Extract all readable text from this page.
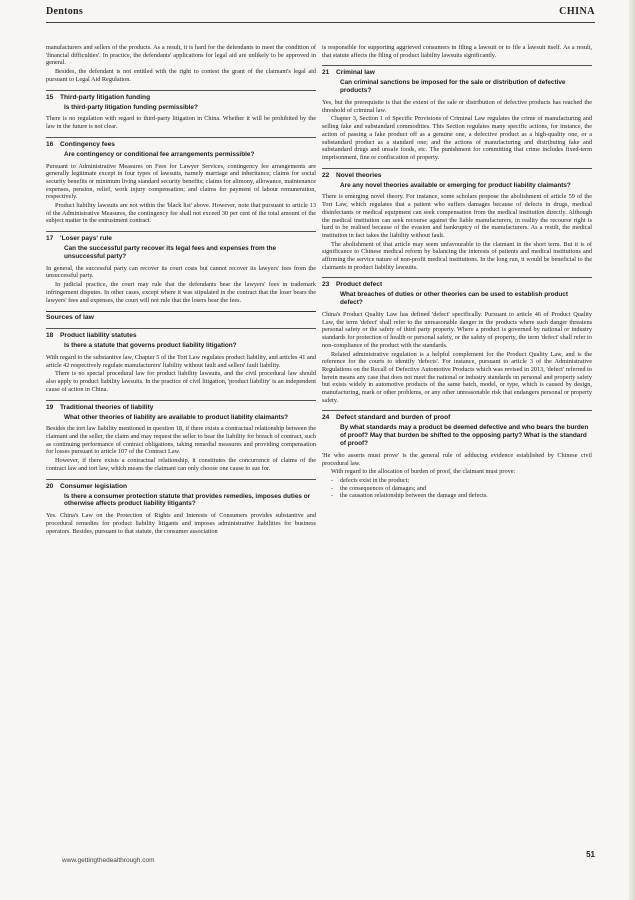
Dentons	CHINA

manufacturers and sellers of the products. As a result, it is hard for the defendants to meet the condition of 'financial difficulties'. In practice, the defendants' applications for legal aid are unlikely to be approved in general.

Besides, the defendant is not entitled with the right to contest the grant of the claimant's legal aid pursuant to Legal Aid Regulation.

15 Third-party litigation funding
Is third-party litigation funding permissible?

There is no regulation with regard to third-party litigation in China. Whether it will be prohibited by the law in the future is not clear.

16 Contingency fees
Are contingency or conditional fee arrangements permissible?

Pursuant to Administrative Measures on Fees for Lawyer Services, contingency fee arrangements are generally legitimate except in four types of lawsuits, namely marriage and inheritance; claims for social security benefits or minimum living standard security benefits; claims for alimony, allowance, maintenance expenses, pension, relief, work injury compensation; and claims for payment of labour remuneration, respectively.

Product liability lawsuits are not within the 'black list' above. However, note that pursuant to article 13 of the Administrative Measures, the contingency fee shall not exceed 30 per cent of the total amount of the subject matter in the entrustment contract.

17 'Loser pays' rule
Can the successful party recover its legal fees and expenses from the unsuccessful party?

In general, the successful party can recover its court costs but cannot recover its lawyers' fees from the unsuccessful party.

In judicial practice, the court may rule that the defendants bear the lawyers' fees in trademark infringement disputes. In other cases, except where it was stipulated in the contract that the loser bears the lawyers' fees and expenses, the court will not rule that the losers bear the fees.

Sources of law
18 Product liability statutes
Is there a statute that governs product liability litigation?

With regard to the substantive law, Chapter 5 of the Tort Law regulates product liability, and articles 41 and article 42 respectively regulate manufacturers' liability without fault and sellers' fault liability.

There is no special procedural law for product liability lawsuits, and the civil procedural law should also apply to product liability lawsuits. In the practice of civil litigation, 'product liability' is an independent cause of action in China.

19 Traditional theories of liability
What other theories of liability are available to product liability claimants?

Besides the tort law liability mentioned in question 18, if there exists a contractual relationship between the claimant and the seller, the claim and may request the seller to bear the liability for breach of contract, such as continuing performance of contract obligations, taking remedial measures and providing compensation for losses pursuant to article 107 of the Contract Law.

However, if there exists a contractual relationship, it constitutes the concurrence of claims of the contract law and tort law, which means the claimant can only choose one cause to sue for.

20 Consumer legislation
Is there a consumer protection statute that provides remedies, imposes duties or otherwise affects product liability litigants?

Yes. China's Law on the Protection of Rights and Interests of Consumers provides substantive and procedural remedies for product liability litigants and imposes administrative liabilities for business operators. Besides, pursuant to that statute, the consumer association

is responsible for supporting aggrieved consumers in filing a lawsuit or to file a lawsuit itself. As a result, that statute affects the filing of product liability lawsuits significantly.

21 Criminal law
Can criminal sanctions be imposed for the sale or distribution of defective products?

Yes, but the prerequisite is that the extent of the sale or distribution of defective products has reached the threshold of criminal law.

Chapter 3, Section 1 of Specific Provisions of Criminal Law regulates the crime of manufacturing and selling fake and substandard commodities. This Section regulates many specific actions, for instance, the action of passing a fake product off as a genuine one, a defective product as a high-quality one, or a substandard product as a standard one; and the actions of manufacturing and distributing fake and substandard drugs and unsafe foods, etc. The punishment for committing that crime includes fixed-term imprisonment, fine or confiscation of property.

22 Novel theories
Are any novel theories available or emerging for product liability claimants?

There is emerging novel theory. For instance, some scholars propose the abolishment of article 59 of the Tort Law, which regulates that a patient who suffers damages because of defects in drugs, medical disinfectants or medical equipment can seek compensation from the medical institution directly. Although the medical institution can seek recourse against the liable manufacturers, in reality the recourse right is hard to be realised because of the evasion and bankruptcy of the manufacturers. As a result, the medical institution in fact takes the liability without fault.

The abolishment of that article may seem unfavourable to the claimant in the short term. But it is of significance to Chinese medical reform by balancing the interests of patients and medical institutions and affirming the service nature of non-profit medical institutions. In the long run, it would be beneficial to the claimants in product liability lawsuits.

23 Product defect
What breaches of duties or other theories can be used to establish product defect?

China's Product Quality Law has defined 'defect' specifically. Pursuant to article 46 of Product Quality Law, the term 'defect' shall refer to the unreasonable danger in the products where such danger threatens personal safety or the safety of third party property. Where a product is governed by national or industry standards for protection of health or personal safety, or the safety of property, the term 'defect' shall refer to non-compliance of the product with the standards.

Related administrative regulation is a helpful complement for the Product Quality Law, and is the reference for the courts to identify 'defects'. For instance, pursuant to article 3 of the Administrative Regulations on the Recall of Defective Automotive Products which was revised in 2013, 'defect' referred to herein means any case that does not meet the national or industry standards on personal and property safety but exists widely in automotive products of the same batch, model, or type, which is caused by design, manufacturing, mark or other problems, or any other unreasonable risk that endangers personal or property safety.

24 Defect standard and burden of proof
By what standards may a product be deemed defective and who bears the burden of proof? May that burden be shifted to the opposing party? What is the standard of proof?

'He who asserts must prove' is the general rule of adducing evidence established by Chinese civil procedural law.

With regard to the allocation of burden of proof, the claimant must prove:

- defects exist in the product;
- the consequences of damages; and
- the causation relationship between the damage and defects.
www.gettingthedealthrough.com
51
